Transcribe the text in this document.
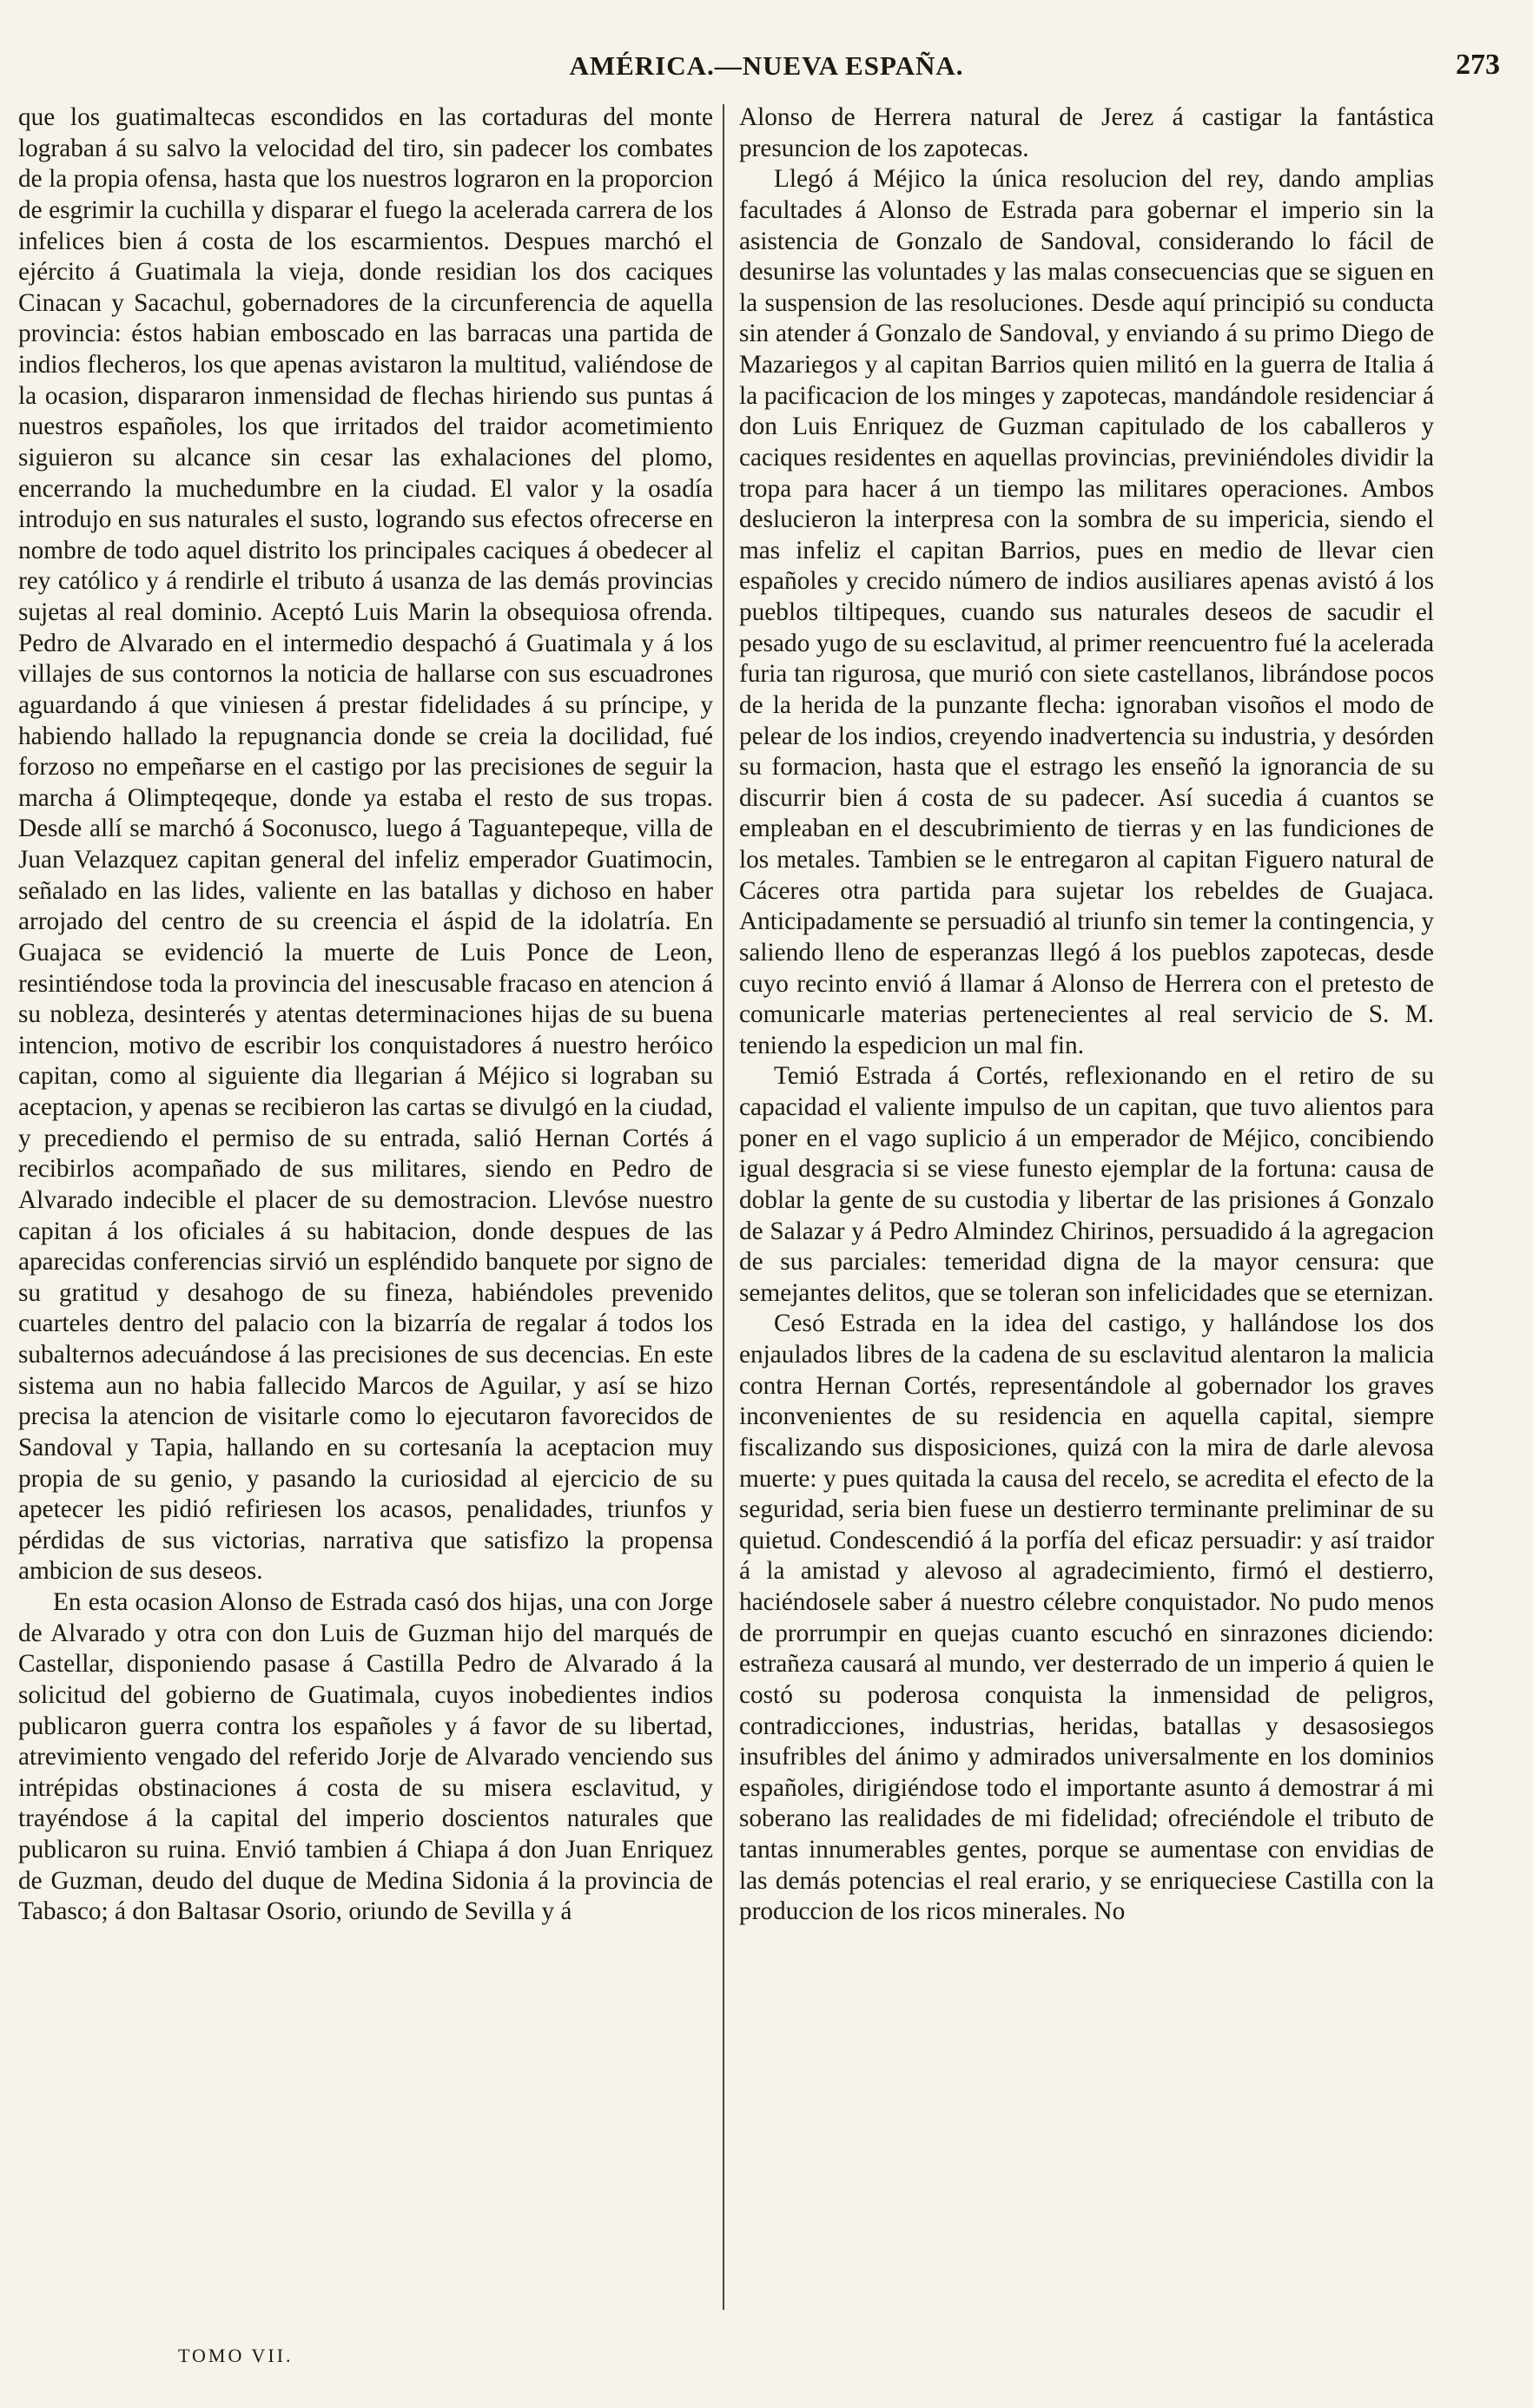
AMÉRICA.—NUEVA ESPAÑA.	273

que los guatimaltecas escondidos en las cortaduras del monte lograban á su salvo la velocidad del tiro, sin padecer los combates de la propia ofensa, hasta que los nuestros lograron en la proporcion de esgrimir la cuchilla y disparar el fuego la acelerada carrera de los infelices bien á costa de los escarmientos. Despues marchó el ejército á Guatimala la vieja, donde residian los dos caciques Cinacan y Sacachul, gobernadores de la circunferencia de aquella provincia: éstos habian emboscado en las barracas una partida de indios flecheros, los que apenas avistaron la multitud, valiéndose de la ocasion, dispararon inmensidad de flechas hiriendo sus puntas á nuestros españoles, los que irritados del traidor acometimiento siguieron su alcance sin cesar las exhalaciones del plomo, encerrando la muchedumbre en la ciudad. El valor y la osadía introdujo en sus naturales el susto, logrando sus efectos ofrecerse en nombre de todo aquel distrito los principales caciques á obedecer al rey católico y á rendirle el tributo á usanza de las demás provincias sujetas al real dominio. Aceptó Luis Marin la obsequiosa ofrenda. Pedro de Alvarado en el intermedio despachó á Guatimala y á los villajes de sus contornos la noticia de hallarse con sus escuadrones aguardando á que viniesen á prestar fidelidades á su príncipe, y habiendo hallado la repugnancia donde se creia la docilidad, fué forzoso no empeñarse en el castigo por las precisiones de seguir la marcha á Olimpteqeque, donde ya estaba el resto de sus tropas. Desde allí se marchó á Soconusco, luego á Taguantepeque, villa de Juan Velazquez capitan general del infeliz emperador Guatimocin, señalado en las lides, valiente en las batallas y dichoso en haber arrojado del centro de su creencia el áspid de la idolatría. En Guajaca se evidenció la muerte de Luis Ponce de Leon, resintiéndose toda la provincia del inescusable fracaso en atencion á su nobleza, desinterés y atentas determinaciones hijas de su buena intencion, motivo de escribir los conquistadores á nuestro heróico capitan, como al siguiente dia llegarian á Méjico si lograban su aceptacion, y apenas se recibieron las cartas se divulgó en la ciudad, y precediendo el permiso de su entrada, salió Hernan Cortés á recibirlos acompañado de sus militares, siendo en Pedro de Alvarado indecible el placer de su demostracion. Llevóse nuestro capitan á los oficiales á su habitacion, donde despues de las aparecidas conferencias sirvió un espléndido banquete por signo de su gratitud y desahogo de su fineza, habiéndoles prevenido cuarteles dentro del palacio con la bizarría de regalar á todos los subalternos adecuándose á las precisiones de sus decencias. En este sistema aun no habia fallecido Marcos de Aguilar, y así se hizo precisa la atencion de visitarle como lo ejecutaron favorecidos de Sandoval y Tapia, hallando en su cortesanía la aceptacion muy propia de su genio, y pasando la curiosidad al ejercicio de su apetecer les pidió refiriesen los acasos, penalidades, triunfos y pérdidas de sus victorias, narrativa que satisfizo la propensa ambicion de sus deseos.

En esta ocasion Alonso de Estrada casó dos hijas, una con Jorge de Alvarado y otra con don Luis de Guzman hijo del marqués de Castellar, disponiendo pasase á Castilla Pedro de Alvarado á la solicitud del gobierno de Guatimala, cuyos inobedientes indios publicaron guerra contra los españoles y á favor de su libertad, atrevimiento vengado del referido Jorje de Alvarado venciendo sus intrépidas obstinaciones á costa de su misera esclavitud, y trayéndose á la capital del imperio doscientos naturales que publicaron su ruina. Envió tambien á Chiapa á don Juan Enriquez de Guzman, deudo del duque de Medina Sidonia á la provincia de Tabasco; á don Baltasar Osorio, oriundo de Sevilla y á

Alonso de Herrera natural de Jerez á castigar la fantástica presuncion de los zapotecas.

Llegó á Méjico la única resolucion del rey, dando amplias facultades á Alonso de Estrada para gobernar el imperio sin la asistencia de Gonzalo de Sandoval, considerando lo fácil de desunirse las voluntades y las malas consecuencias que se siguen en la suspension de las resoluciones. Desde aquí principió su conducta sin atender á Gonzalo de Sandoval, y enviando á su primo Diego de Mazariegos y al capitan Barrios quien militó en la guerra de Italia á la pacificacion de los minges y zapotecas, mandándole residenciar á don Luis Enriquez de Guzman capitulado de los caballeros y caciques residentes en aquellas provincias, previniéndoles dividir la tropa para hacer á un tiempo las militares operaciones. Ambos deslucieron la interpresa con la sombra de su impericia, siendo el mas infeliz el capitan Barrios, pues en medio de llevar cien españoles y crecido número de indios ausiliares apenas avistó á los pueblos tiltipeques, cuando sus naturales deseos de sacudir el pesado yugo de su esclavitud, al primer reencuentro fué la acelerada furia tan rigurosa, que murió con siete castellanos, librándose pocos de la herida de la punzante flecha: ignoraban visoños el modo de pelear de los indios, creyendo inadvertencia su industria, y desórden su formacion, hasta que el estrago les enseñó la ignorancia de su discurrir bien á costa de su padecer. Así sucedia á cuantos se empleaban en el descubrimiento de tierras y en las fundiciones de los metales. Tambien se le entregaron al capitan Figuero natural de Cáceres otra partida para sujetar los rebeldes de Guajaca. Anticipadamente se persuadió al triunfo sin temer la contingencia, y saliendo lleno de esperanzas llegó á los pueblos zapotecas, desde cuyo recinto envió á llamar á Alonso de Herrera con el pretesto de comunicarle materias pertenecientes al real servicio de S. M. teniendo la espedicion un mal fin.

Temió Estrada á Cortés, reflexionando en el retiro de su capacidad el valiente impulso de un capitan, que tuvo alientos para poner en el vago suplicio á un emperador de Méjico, concibiendo igual desgracia si se viese funesto ejemplar de la fortuna: causa de doblar la gente de su custodia y libertar de las prisiones á Gonzalo de Salazar y á Pedro Almindez Chirinos, persuadido á la agregacion de sus parciales: temeridad digna de la mayor censura: que semejantes delitos, que se toleran son infelicidades que se eternizan.

Cesó Estrada en la idea del castigo, y hallándose los dos enjaulados libres de la cadena de su esclavitud alentaron la malicia contra Hernan Cortés, representándole al gobernador los graves inconvenientes de su residencia en aquella capital, siempre fiscalizando sus disposiciones, quizá con la mira de darle alevosa muerte: y pues quitada la causa del recelo, se acredita el efecto de la seguridad, seria bien fuese un destierro terminante preliminar de su quietud. Condescendió á la porfía del eficaz persuadir: y así traidor á la amistad y alevoso al agradecimiento, firmó el destierro, haciéndosele saber á nuestro célebre conquistador. No pudo menos de prorrumpir en quejas cuanto escuchó en sinrazones diciendo: estrañeza causará al mundo, ver desterrado de un imperio á quien le costó su poderosa conquista la inmensidad de peligros, contradicciones, industrias, heridas, batallas y desasosiegos insufribles del ánimo y admirados universalmente en los dominios españoles, dirigiéndose todo el importante asunto á demostrar á mi soberano las realidades de mi fidelidad; ofreciéndole el tributo de tantas innumerables gentes, porque se aumentase con envidias de las demás potencias el real erario, y se enriqueciese Castilla con la produccion de los ricos minerales. No

TOMO VII.
